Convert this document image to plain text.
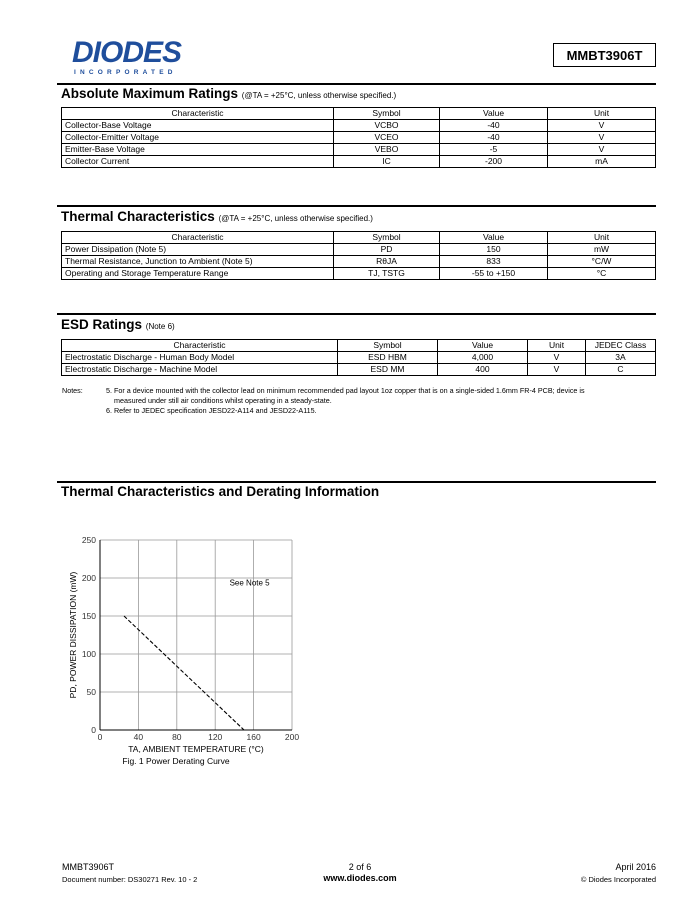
DIODES
INCORPORATED
MMBT3906T
Absolute Maximum Ratings (@TA = +25°C, unless otherwise specified.)
Characteristic	Symbol	Value	Unit
Collector-Base Voltage	VCBO	-40	V
Collector-Emitter Voltage	VCEO	-40	V
Emitter-Base Voltage	VEBO	-5	V
Collector Current	IC	-200	mA
Thermal Characteristics (@TA = +25°C, unless otherwise specified.)
Characteristic	Symbol	Value	Unit
Power Dissipation (Note 5)	PD	150	mW
Thermal Resistance, Junction to Ambient (Note 5)	RθJA	833	°C/W
Operating and Storage Temperature Range	TJ, TSTG	-55 to +150	°C
ESD Ratings (Note 6)
Characteristic	Symbol	Value	Unit	JEDEC Class
Electrostatic Discharge - Human Body Model	ESD HBM	4,000	V	3A
Electrostatic Discharge - Machine Model	ESD MM	400	V	C
Notes:	5. For a device mounted with the collector lead on minimum recommended pad layout 1oz copper that is on a single-sided 1.6mm FR-4 PCB; device is
measured under still air conditions whilst operating in a steady-state.
6. Refer to JEDEC specification JESD22-A114 and JESD22-A115.
Thermal Characteristics and Derating Information
0	40	80	120	160	200
0
50
100
150
200
250
See Note 5
TA, AMBIENT TEMPERATURE (°C)
PD, POWER DISSIPATION (mW)
Fig. 1 Power Derating Curve
MMBT3906T
Document number: DS30271 Rev. 10 - 2
2 of 6
www.diodes.com
April 2016
© Diodes Incorporated
